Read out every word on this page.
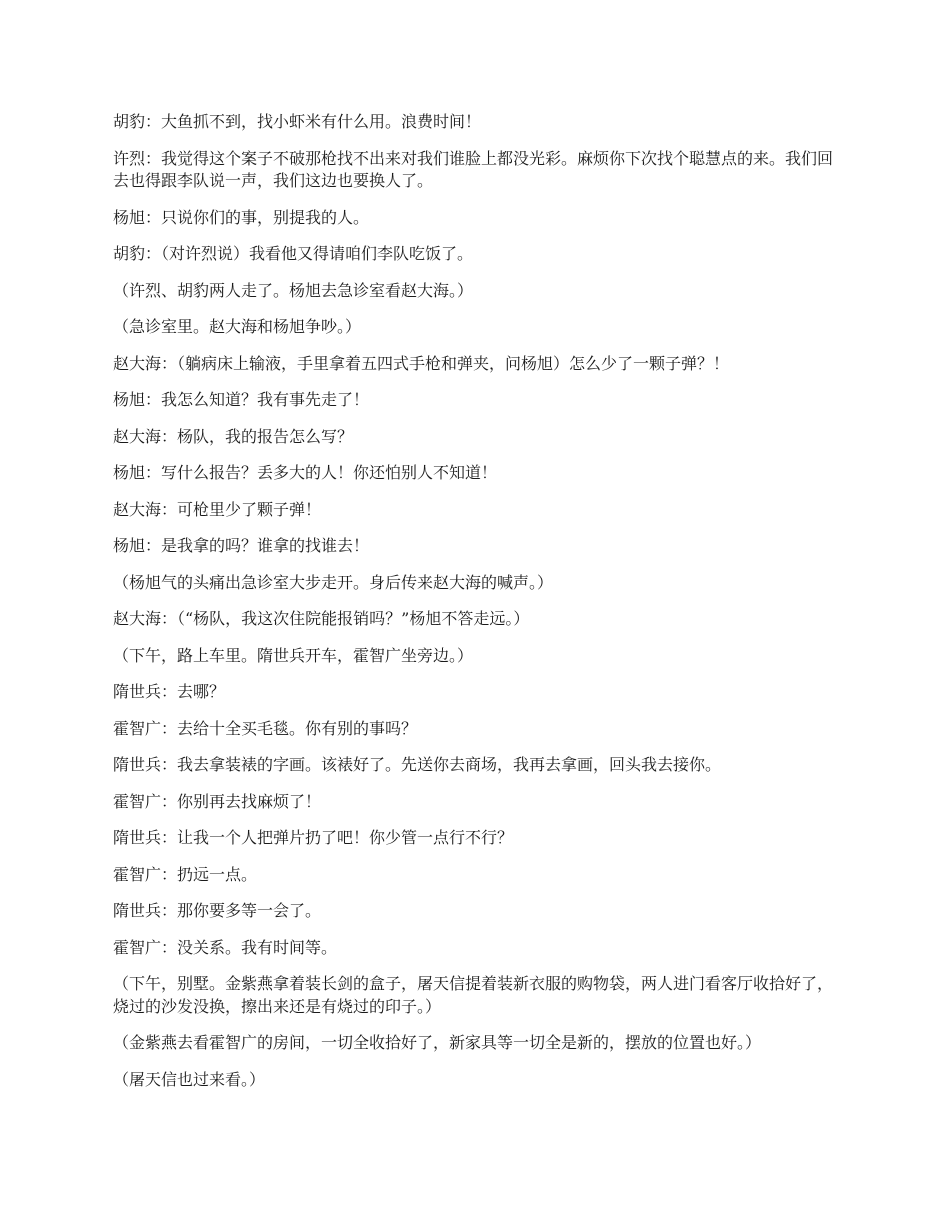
胡豹：大鱼抓不到，找小虾米有什么用。浪费时间！

许烈：我觉得这个案子不破那枪找不出来对我们谁脸上都没光彩。麻烦你下次找个聪慧点的来。我们回去也得跟李队说一声，我们这边也要换人了。

杨旭：只说你们的事，别提我的人。

胡豹：（对许烈说）我看他又得请咱们李队吃饭了。

（许烈、胡豹两人走了。杨旭去急诊室看赵大海。）

（急诊室里。赵大海和杨旭争吵。）

赵大海：（躺病床上输液，手里拿着五四式手枪和弹夹，问杨旭）怎么少了一颗子弹？！

杨旭：我怎么知道？我有事先走了！

赵大海：杨队，我的报告怎么写？

杨旭：写什么报告？丢多大的人！你还怕别人不知道！

赵大海：可枪里少了颗子弹！

杨旭：是我拿的吗？谁拿的找谁去！

（杨旭气的头痛出急诊室大步走开。身后传来赵大海的喊声。）

赵大海：（“杨队，我这次住院能报销吗？”杨旭不答走远。）

（下午，路上车里。隋世兵开车，霍智广坐旁边。）

隋世兵：去哪？

霍智广：去给十全买毛毯。你有别的事吗？

隋世兵：我去拿装裱的字画。该裱好了。先送你去商场，我再去拿画，回头我去接你。

霍智广：你别再去找麻烦了！

隋世兵：让我一个人把弹片扔了吧！你少管一点行不行？

霍智广：扔远一点。

隋世兵：那你要多等一会了。

霍智广：没关系。我有时间等。

（下午，别墅。金紫燕拿着装长剑的盒子，屠天信提着装新衣服的购物袋，两人进门看客厅收拾好了，烧过的沙发没换，擦出来还是有烧过的印子。）

（金紫燕去看霍智广的房间，一切全收拾好了，新家具等一切全是新的，摆放的位置也好。）

（屠天信也过来看。）
